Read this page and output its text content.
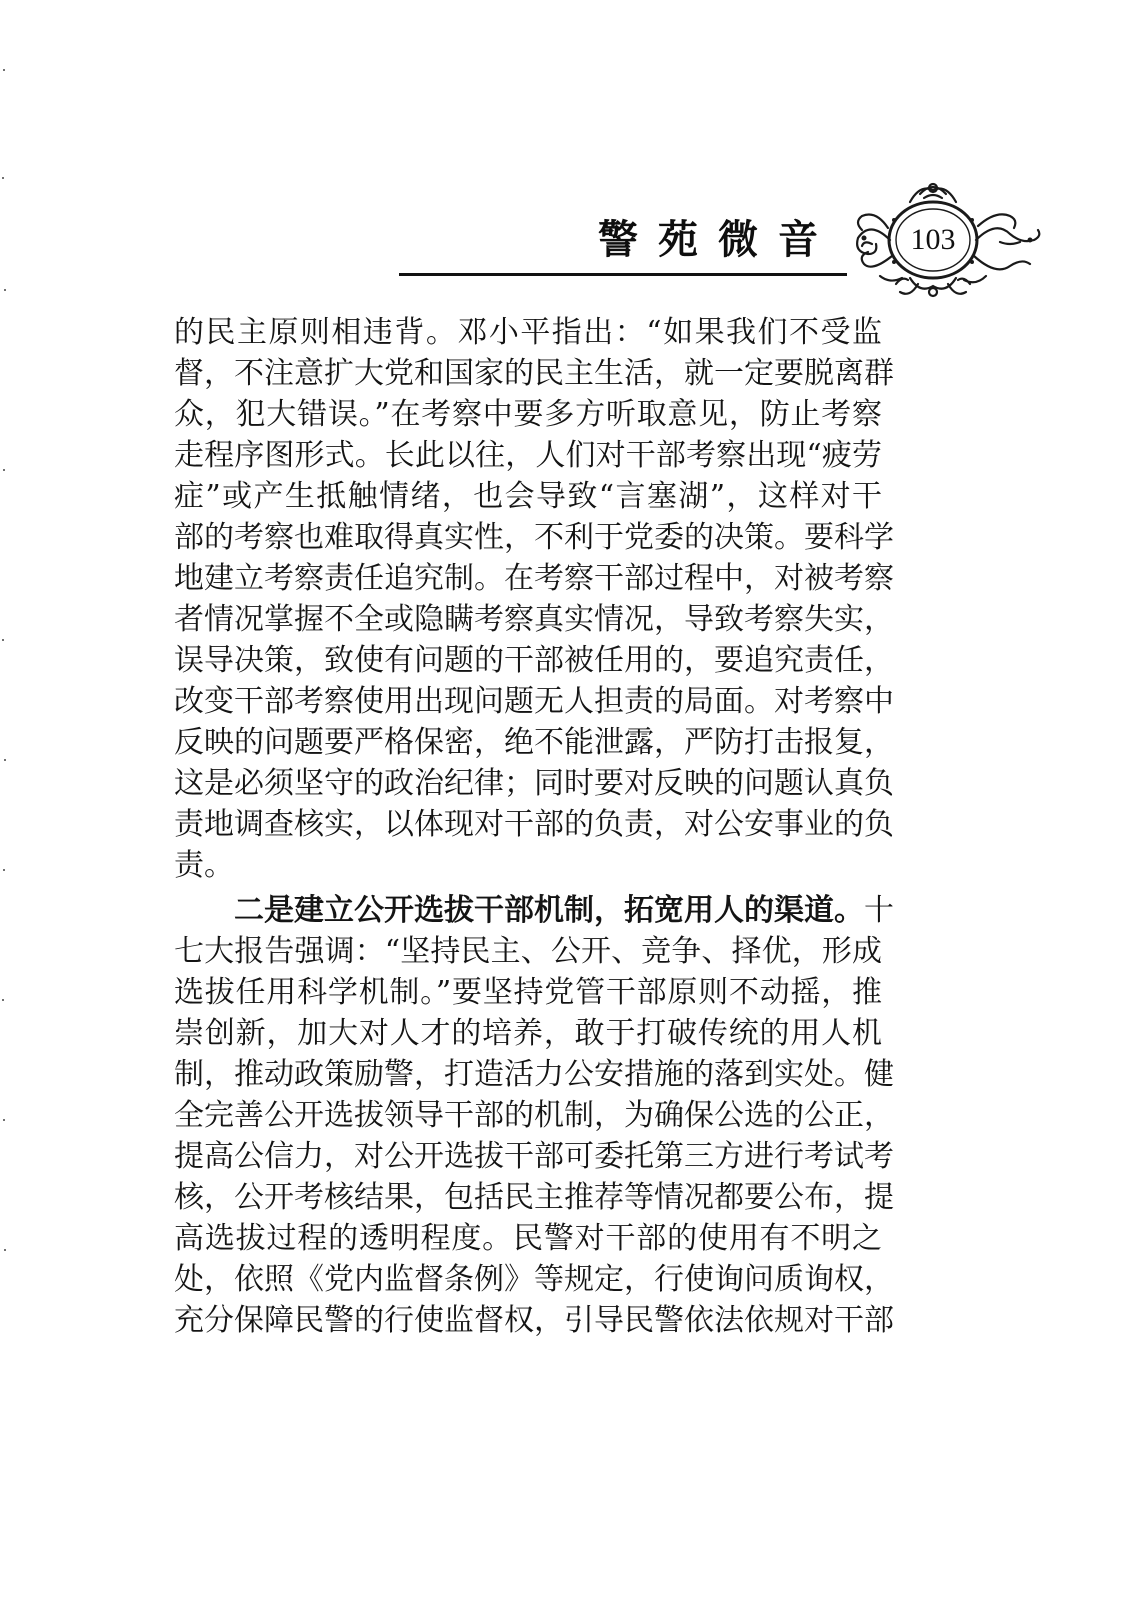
警苑微音	103
的民主原则相违背。邓小平指出：“如果我们不受监
督，不注意扩大党和国家的民主生活，就一定要脱离群
众，犯大错误。”在考察中要多方听取意见，防止考察
走程序图形式。长此以往，人们对干部考察出现“疲劳
症”或产生抵触情绪，也会导致“言塞湖”，这样对干
部的考察也难取得真实性，不利于党委的决策。要科学
地建立考察责任追究制。在考察干部过程中，对被考察
者情况掌握不全或隐瞒考察真实情况，导致考察失实，
误导决策，致使有问题的干部被任用的，要追究责任，
改变干部考察使用出现问题无人担责的局面。对考察中
反映的问题要严格保密，绝不能泄露，严防打击报复，
这是必须坚守的政治纪律；同时要对反映的问题认真负
责地调查核实，以体现对干部的负责，对公安事业的负
责。
二是建立公开选拔干部机制，拓宽用人的渠道。十
七大报告强调：“坚持民主、公开、竞争、择优，形成
选拔任用科学机制。”要坚持党管干部原则不动摇，推
崇创新，加大对人才的培养，敢于打破传统的用人机
制，推动政策励警，打造活力公安措施的落到实处。健
全完善公开选拔领导干部的机制，为确保公选的公正，
提高公信力，对公开选拔干部可委托第三方进行考试考
核，公开考核结果，包括民主推荐等情况都要公布，提
高选拔过程的透明程度。民警对干部的使用有不明之
处，依照《党内监督条例》等规定，行使询问质询权，
充分保障民警的行使监督权，引导民警依法依规对干部
